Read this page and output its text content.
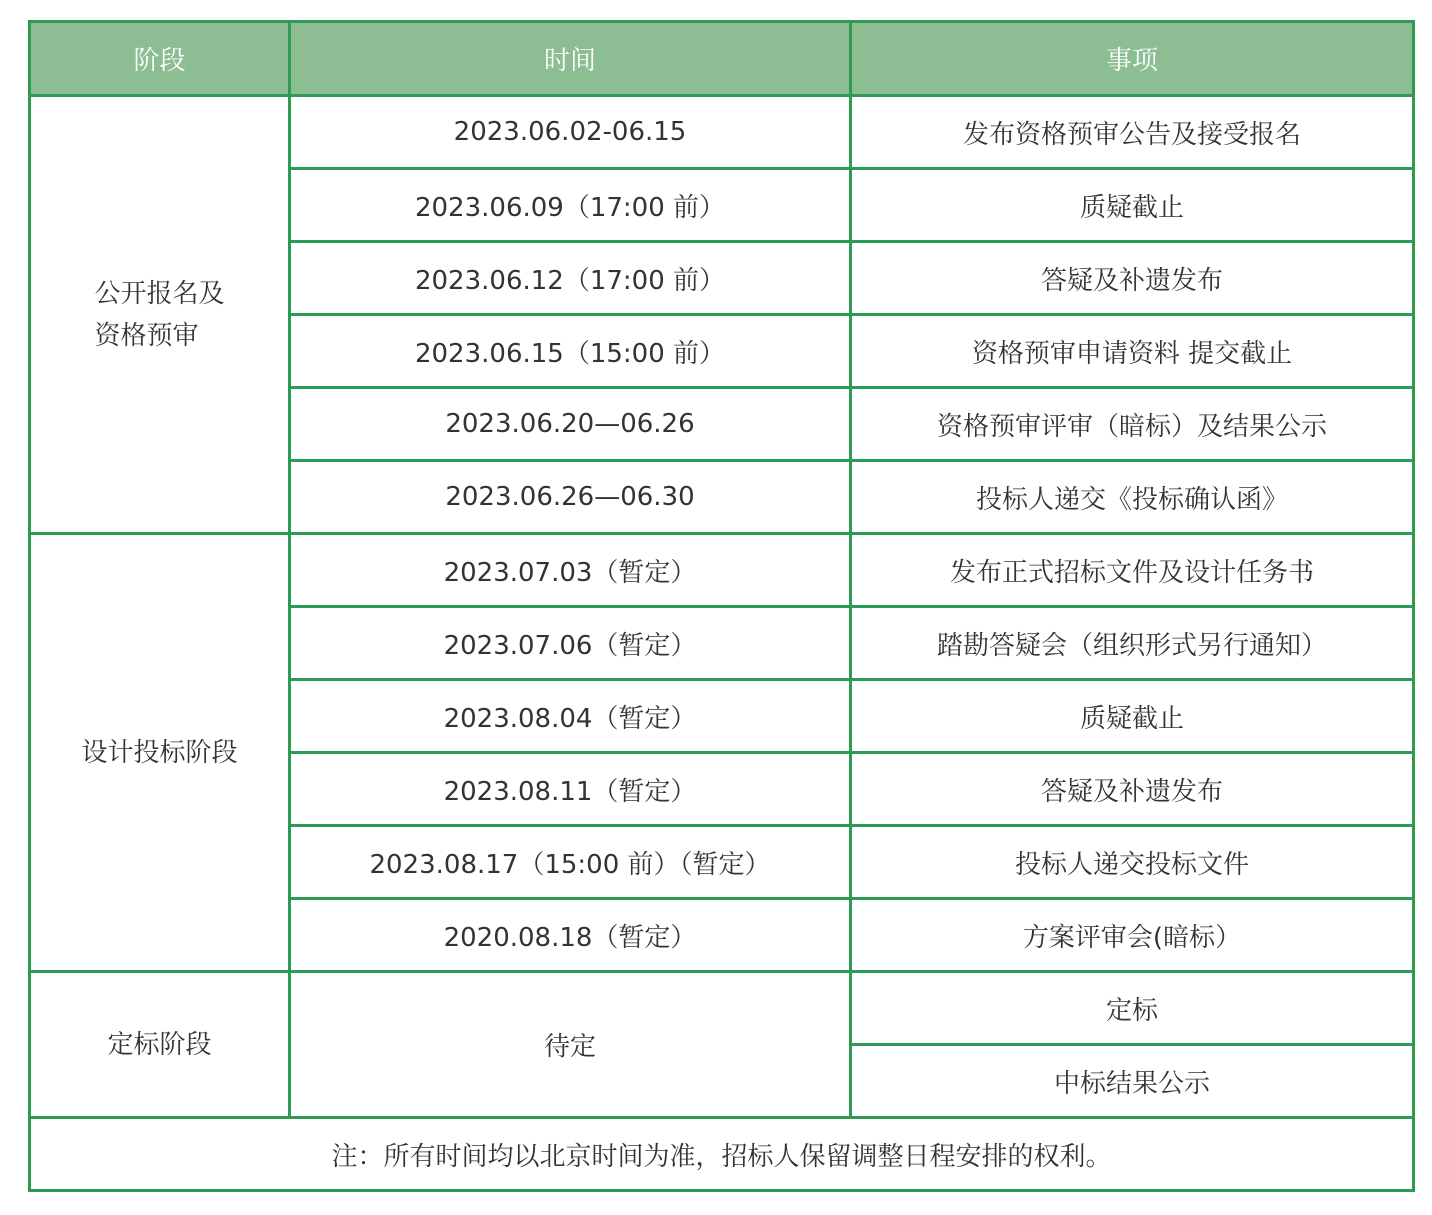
阶段	时间	事项
公开报名及
资格预审	2023.06.02-06.15	发布资格预审公告及接受报名
	2023.06.09（17:00 前）	质疑截止
	2023.06.12（17:00 前）	答疑及补遗发布
	2023.06.15（15:00 前）	资格预审申请资料 提交截止
	2023.06.20—06.26	资格预审评审（暗标）及结果公示
	2023.06.26—06.30	投标人递交《投标确认函》
设计投标阶段	2023.07.03（暂定）	发布正式招标文件及设计任务书
	2023.07.06（暂定）	踏勘答疑会（组织形式另行通知）
	2023.08.04（暂定）	质疑截止
	2023.08.11（暂定）	答疑及补遗发布
	2023.08.17（15:00 前）（暂定）	投标人递交投标文件
	2020.08.18（暂定）	方案评审会(暗标）
定标阶段	待定	定标
		中标结果公示
注：所有时间均以北京时间为准，招标人保留调整日程安排的权利。		
